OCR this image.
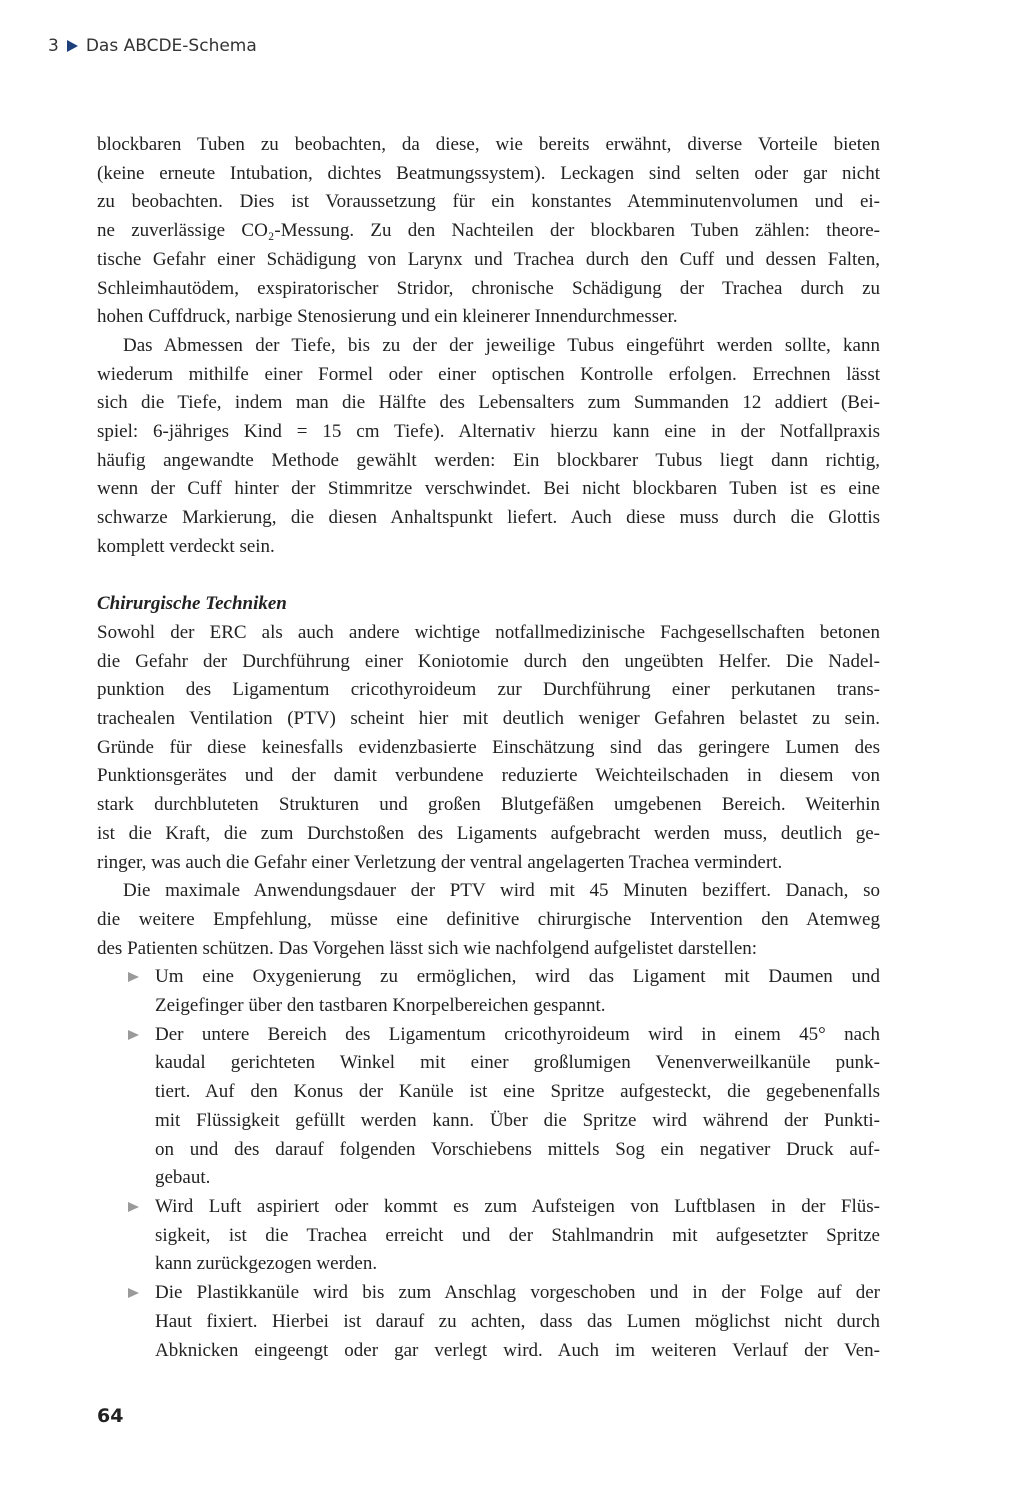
3 Das ABCDE-Schema
blockbaren Tuben zu beobachten, da diese, wie bereits erwähnt, diverse Vorteile bieten
(keine erneute Intubation, dichtes Beatmungssystem). Leckagen sind selten oder gar nicht
zu beobachten. Dies ist Voraussetzung für ein konstantes Atemminutenvolumen und ei-
ne zuverlässige CO₂-Messung. Zu den Nachteilen der blockbaren Tuben zählen: theore-
tische Gefahr einer Schädigung von Larynx und Trachea durch den Cuff und dessen Falten,
Schleimhautödem, exspiratorischer Stridor, chronische Schädigung der Trachea durch zu
hohen Cuffdruck, narbige Stenosierung und ein kleinerer Innendurchmesser.
Das Abmessen der Tiefe, bis zu der der jeweilige Tubus eingeführt werden sollte, kann
wiederum mithilfe einer Formel oder einer optischen Kontrolle erfolgen. Errechnen lässt
sich die Tiefe, indem man die Hälfte des Lebensalters zum Summanden 12 addiert (Bei-
spiel: 6-jähriges Kind = 15 cm Tiefe). Alternativ hierzu kann eine in der Notfallpraxis
häufig angewandte Methode gewählt werden: Ein blockbarer Tubus liegt dann richtig,
wenn der Cuff hinter der Stimmritze verschwindet. Bei nicht blockbaren Tuben ist es eine
schwarze Markierung, die diesen Anhaltspunkt liefert. Auch diese muss durch die Glottis
komplett verdeckt sein.
Chirurgische Techniken
Sowohl der ERC als auch andere wichtige notfallmedizinische Fachgesellschaften betonen
die Gefahr der Durchführung einer Koniotomie durch den ungeübten Helfer. Die Nadel-
punktion des Ligamentum cricothyroideum zur Durchführung einer perkutanen trans-
trachealen Ventilation (PTV) scheint hier mit deutlich weniger Gefahren belastet zu sein.
Gründe für diese keinesfalls evidenzbasierte Einschätzung sind das geringere Lumen des
Punktionsgerätes und der damit verbundene reduzierte Weichteilschaden in diesem von
stark durchbluteten Strukturen und großen Blutgefäßen umgebenen Bereich. Weiterhin
ist die Kraft, die zum Durchstoßen des Ligaments aufgebracht werden muss, deutlich ge-
ringer, was auch die Gefahr einer Verletzung der ventral angelagerten Trachea vermindert.
Die maximale Anwendungsdauer der PTV wird mit 45 Minuten beziffert. Danach, so
die weitere Empfehlung, müsse eine definitive chirurgische Intervention den Atemweg
des Patienten schützen. Das Vorgehen lässt sich wie nachfolgend aufgelistet darstellen:
Um eine Oxygenierung zu ermöglichen, wird das Ligament mit Daumen und
Zeigefinger über den tastbaren Knorpelbereichen gespannt.
Der untere Bereich des Ligamentum cricothyroideum wird in einem 45° nach
kaudal gerichteten Winkel mit einer großlumigen Venenverweilkanüle punk-
tiert. Auf den Konus der Kanüle ist eine Spritze aufgesteckt, die gegebenenfalls
mit Flüssigkeit gefüllt werden kann. Über die Spritze wird während der Punkti-
on und des darauf folgenden Vorschiebens mittels Sog ein negativer Druck auf-
gebaut.
Wird Luft aspiriert oder kommt es zum Aufsteigen von Luftblasen in der Flüs-
sigkeit, ist die Trachea erreicht und der Stahlmandrin mit aufgesetzter Spritze
kann zurückgezogen werden.
Die Plastikkanüle wird bis zum Anschlag vorgeschoben und in der Folge auf der
Haut fixiert. Hierbei ist darauf zu achten, dass das Lumen möglichst nicht durch
Abknicken eingeengt oder gar verlegt wird. Auch im weiteren Verlauf der Ven-
64
